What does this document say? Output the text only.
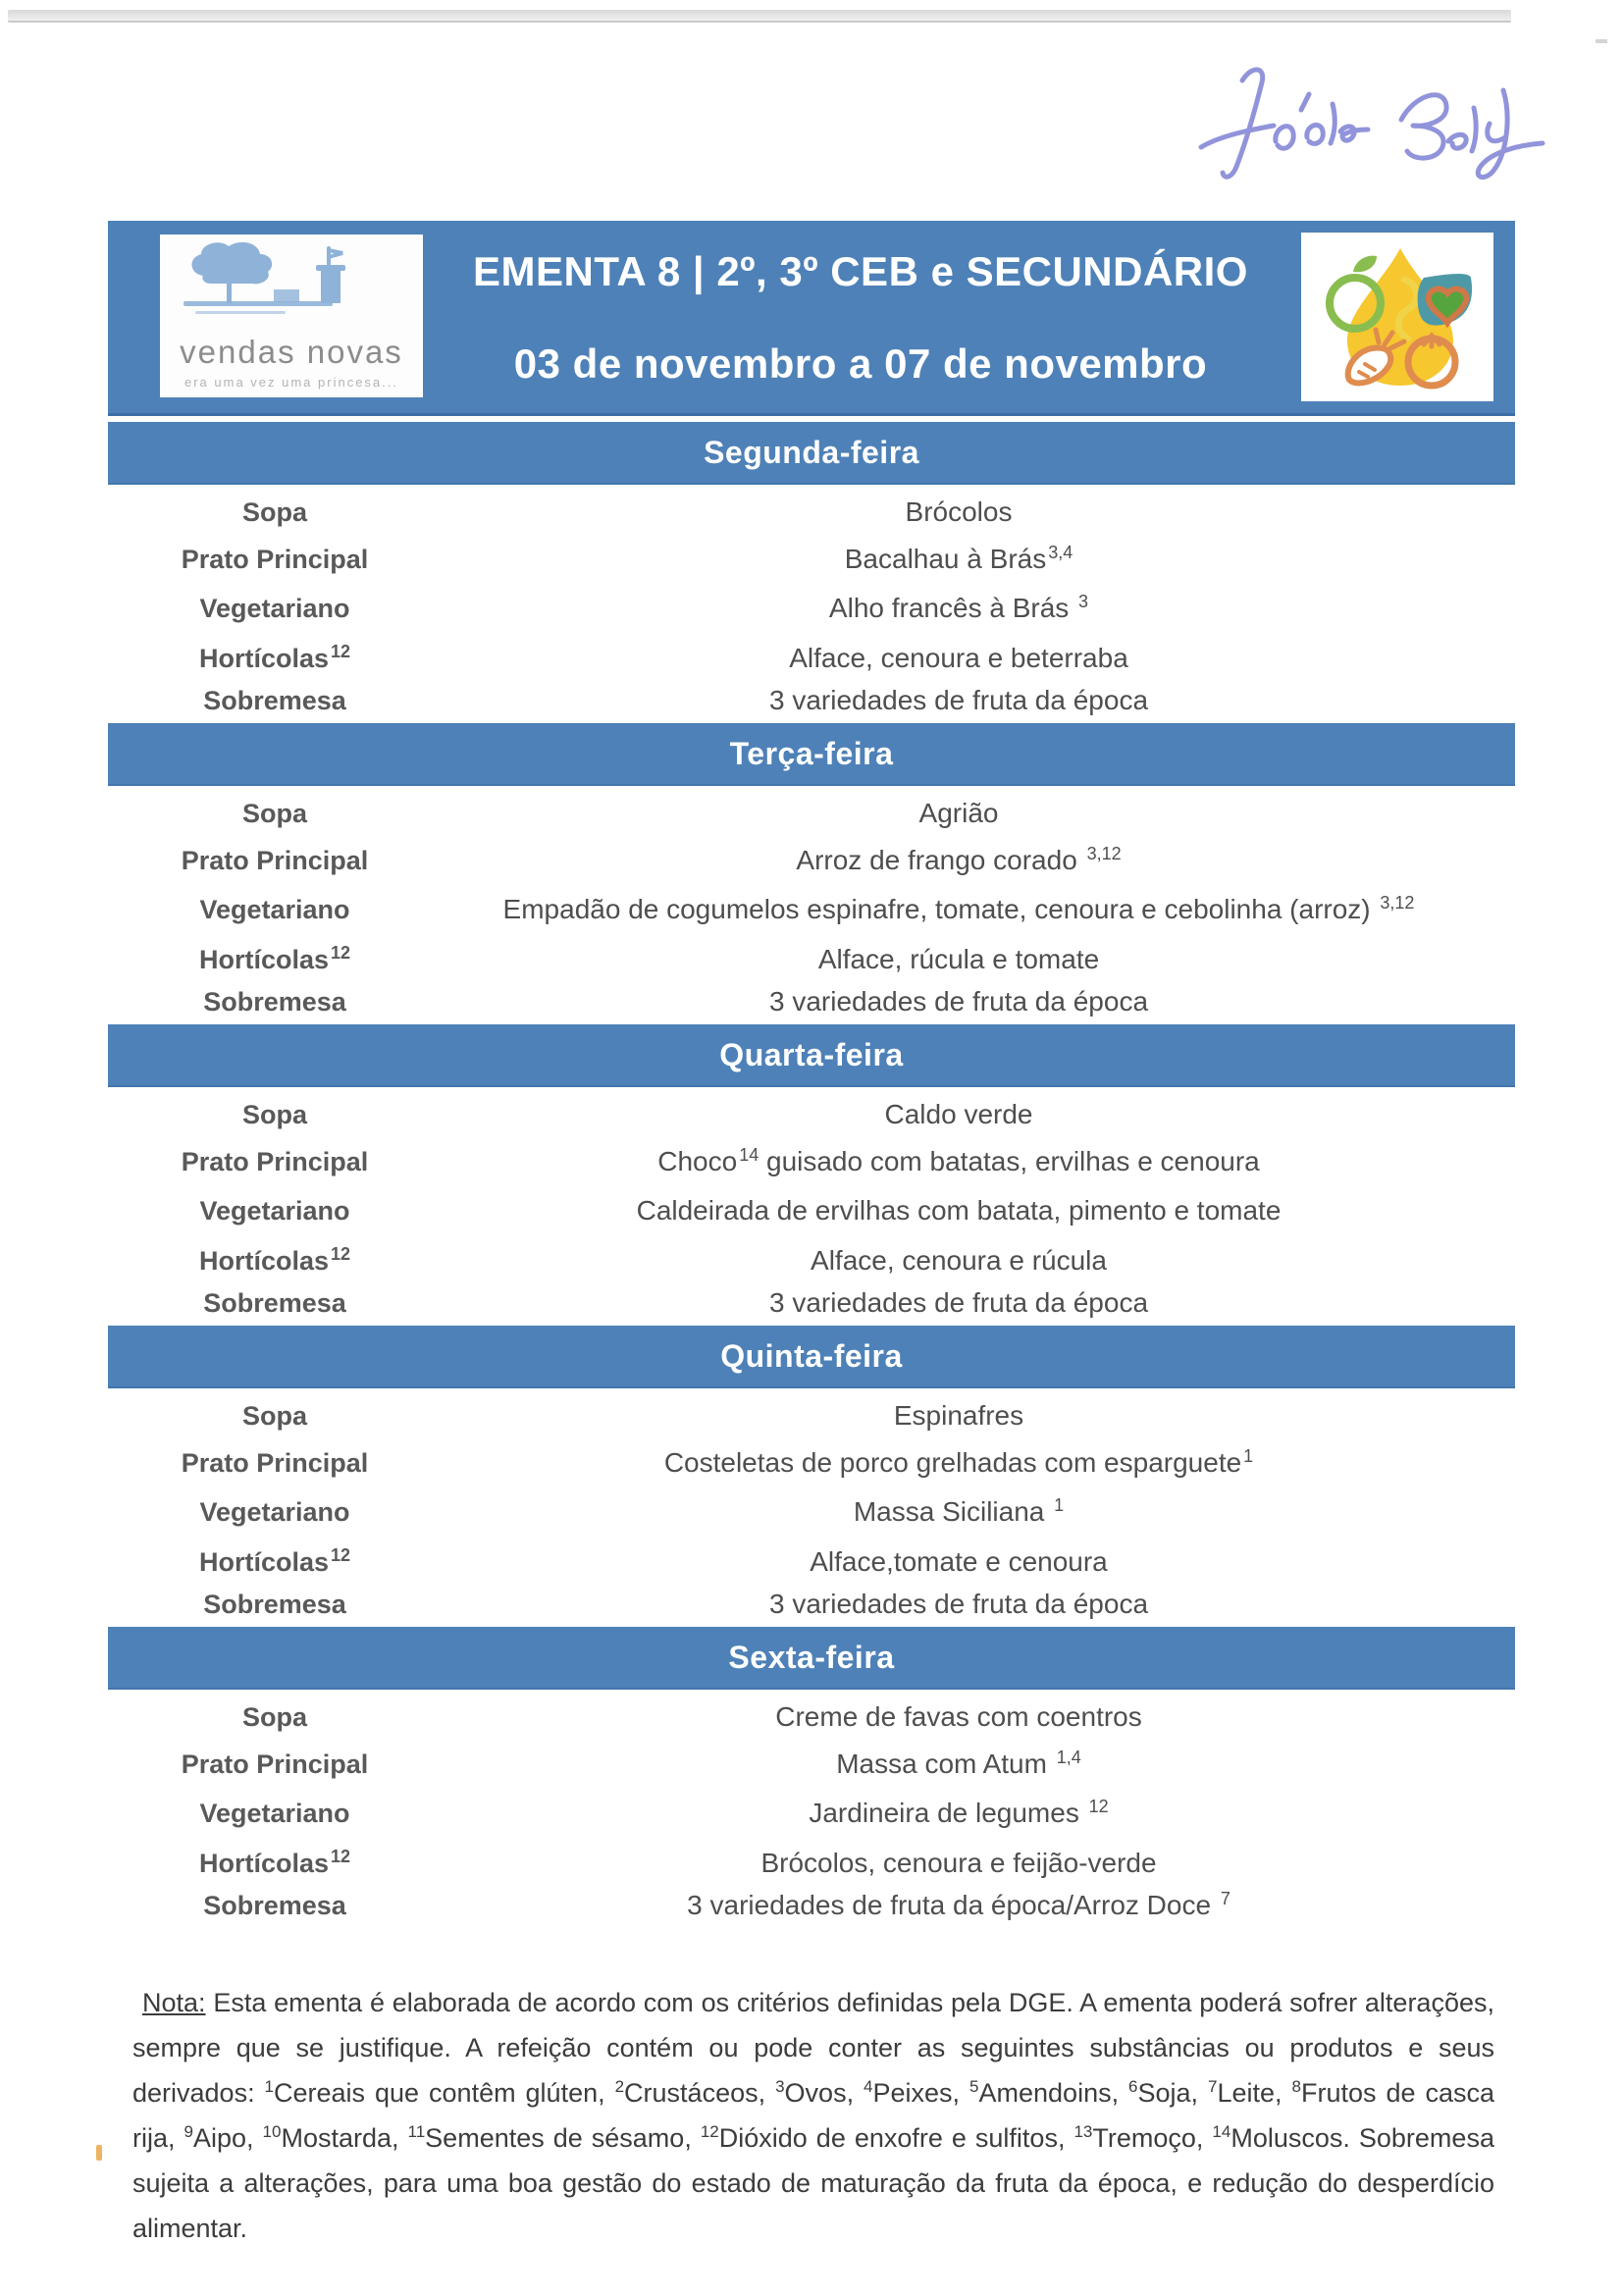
vendas novas
era uma vez uma princesa...
EMENTA 8 | 2º, 3º CEB e SECUNDÁRIO
03 de novembro a 07 de novembro
Segunda-feira
Sopa	Brócolos
Prato Principal	Bacalhau à Brás $^{3,4}$
Vegetariano	Alho francês à Brás $^3$
Hortícolas $^{12}$	Alface, cenoura e beterraba
Sobremesa	3 variedades de fruta da época
Terça-feira
Sopa	Agrião
Prato Principal	Arroz de frango corado $^{3,12}$
Vegetariano	Empadão de cogumelos espinafre, tomate, cenoura e cebolinha (arroz) $^{3,12}$
Hortícolas $^{12}$	Alface, rúcula e tomate
Sobremesa	3 variedades de fruta da época
Quarta-feira
Sopa	Caldo verde
Prato Principal	Choco $^{14}$ guisado com batatas, ervilhas e cenoura
Vegetariano	Caldeirada de ervilhas com batata, pimento e tomate
Hortícolas $^{12}$	Alface, cenoura e rúcula
Sobremesa	3 variedades de fruta da época
Quinta-feira
Sopa	Espinafres
Prato Principal	Costeletas de porco grelhadas com esparguete $^1$
Vegetariano	Massa Siciliana $^1$
Hortícolas $^{12}$	Alface,tomate e cenoura
Sobremesa	3 variedades de fruta da época
Sexta-feira
Sopa	Creme de favas com coentros
Prato Principal	Massa com Atum $^{1,4}$
Vegetariano	Jardineira de legumes $^{12}$
Hortícolas $^{12}$	Brócolos, cenoura e feijão-verde
Sobremesa	3 variedades de fruta da época/Arroz Doce $^7$
Nota: Esta ementa é elaborada de acordo com os critérios definidas pela DGE. A ementa poderá sofrer alterações, sempre que se justifique. A refeição contém ou pode conter as seguintes substâncias ou produtos e seus derivados: $^1$Cereais que contêm glúten, $^2$Crustáceos, $^3$Ovos, $^4$Peixes, $^5$Amendoins, $^6$Soja, $^7$Leite, $^8$Frutos de casca rija, $^9$Aipo, $^{10}$Mostarda, $^{11}$Sementes de sésamo, $^{12}$Dióxido de enxofre e sulfitos, $^{13}$Tremoço, $^{14}$Moluscos. Sobremesa sujeita a alterações, para uma boa gestão do estado de maturação da fruta da época, e redução do desperdício alimentar.
